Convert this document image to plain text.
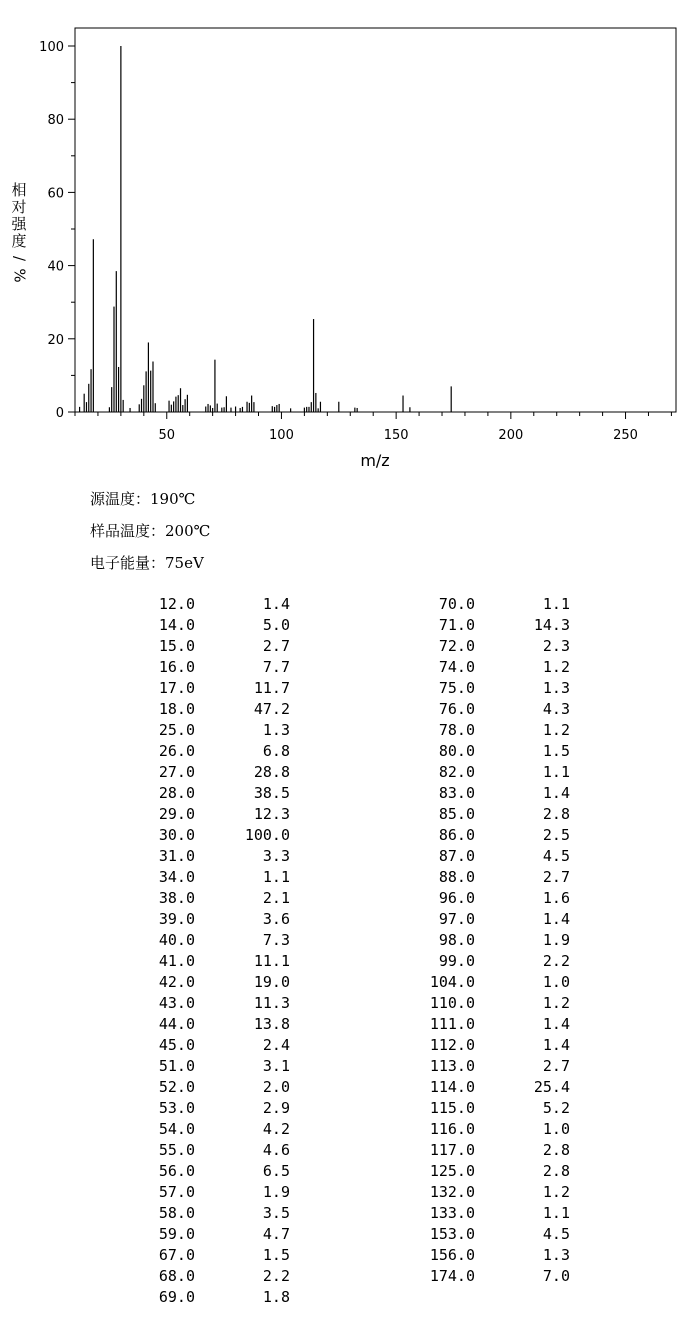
0
20
40
60
80
100
50	100	150	200	250
m/z
相
对
强
度
/
%
源温度：190℃
样品温度：200℃
电子能量：75eV
12.0	1.4
14.0	5.0
15.0	2.7
16.0	7.7
17.0	11.7
18.0	47.2
25.0	1.3
26.0	6.8
27.0	28.8
28.0	38.5
29.0	12.3
30.0	100.0
31.0	3.3
34.0	1.1
38.0	2.1
39.0	3.6
40.0	7.3
41.0	11.1
42.0	19.0
43.0	11.3
44.0	13.8
45.0	2.4
51.0	3.1
52.0	2.0
53.0	2.9
54.0	4.2
55.0	4.6
56.0	6.5
57.0	1.9
58.0	3.5
59.0	4.7
67.0	1.5
68.0	2.2
69.0	1.8
70.0	1.1
71.0	14.3
72.0	2.3
74.0	1.2
75.0	1.3
76.0	4.3
78.0	1.2
80.0	1.5
82.0	1.1
83.0	1.4
85.0	2.8
86.0	2.5
87.0	4.5
88.0	2.7
96.0	1.6
97.0	1.4
98.0	1.9
99.0	2.2
104.0	1.0
110.0	1.2
111.0	1.4
112.0	1.4
113.0	2.7
114.0	25.4
115.0	5.2
116.0	1.0
117.0	2.8
125.0	2.8
132.0	1.2
133.0	1.1
153.0	4.5
156.0	1.3
174.0	7.0
